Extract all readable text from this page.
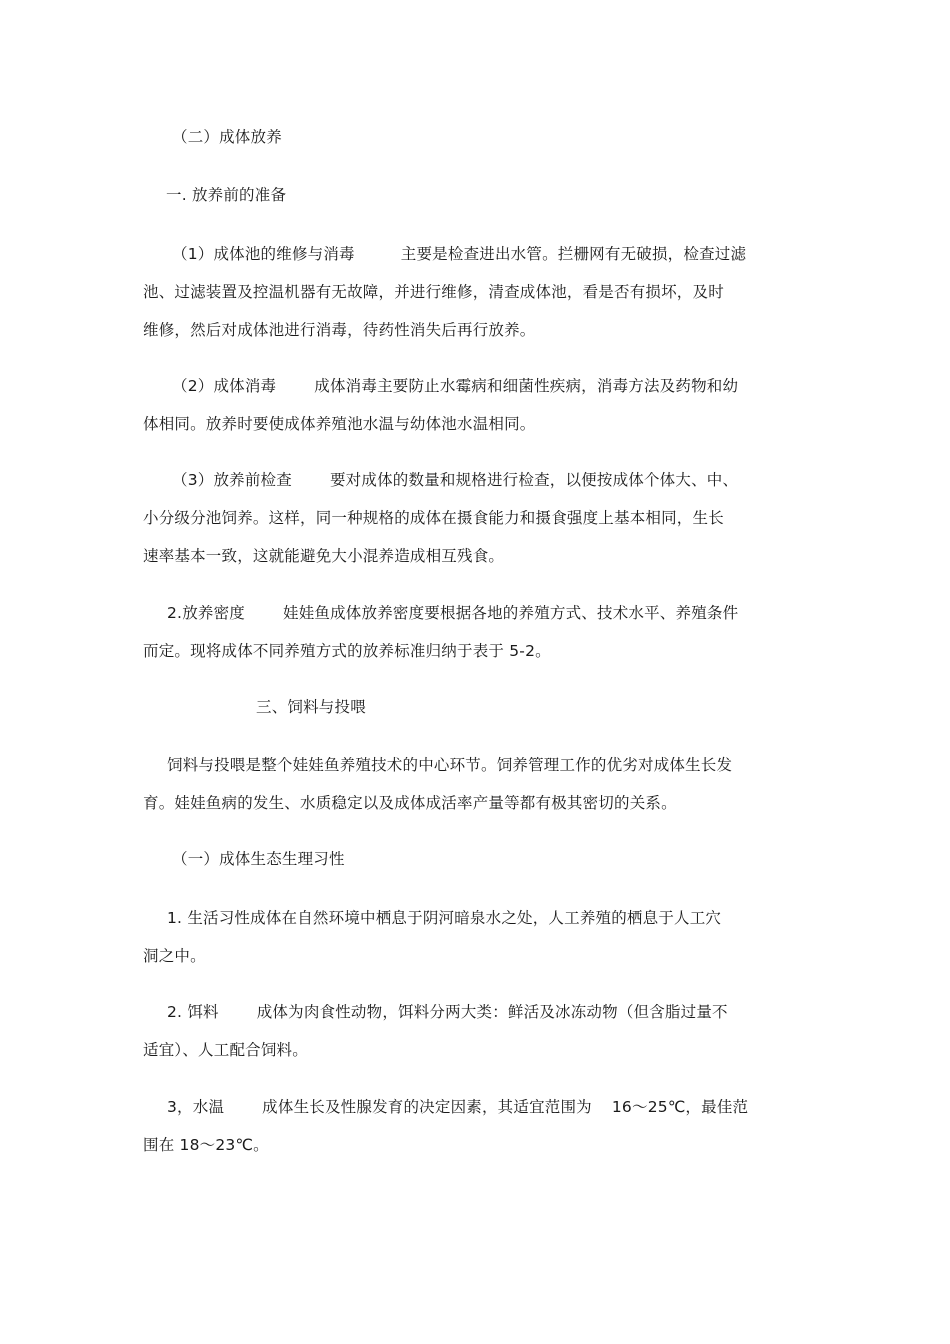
（二）成体放养

一. 放养前的准备

（1）成体池的维修与消毒	主要是检查进出水管。拦栅网有无破损，检查过滤
池、过滤装置及控温机器有无故障，并进行维修，清查成体池，看是否有损坏，及时
维修，然后对成体池进行消毒，待药性消失后再行放养。
（2）成体消毒 成体消毒主要防止水霉病和细菌性疾病，消毒方法及药物和幼
体相同。放养时要使成体养殖池水温与幼体池水温相同。
（3）放养前检查 要对成体的数量和规格进行检查，以便按成体个体大、中、
小分级分池饲养。这样，同一种规格的成体在摄食能力和摄食强度上基本相同，生长
速率基本一致，这就能避免大小混养造成相互残食。
2.放养密度 娃娃鱼成体放养密度要根据各地的养殖方式、技术水平、养殖条件
而定。现将成体不同养殖方式的放养标准归纳于表于 5-2。

三、饲料与投喂

饲料与投喂是整个娃娃鱼养殖技术的中心环节。饲养管理工作的优劣对成体生长发
育。娃娃鱼病的发生、水质稳定以及成体成活率产量等都有极其密切的关系。

（一）成体生态生理习性

1. 生活习性成体在自然环境中栖息于阴河暗泉水之处，人工养殖的栖息于人工穴
洞之中。
2. 饵料 成体为肉食性动物，饵料分两大类：鲜活及冰冻动物（但含脂过量不
适宜）、人工配合饲料。
3，水温 成体生长及性腺发育的决定因素，其适宜范围为 16～25℃，最佳范
围在 18～23℃。
